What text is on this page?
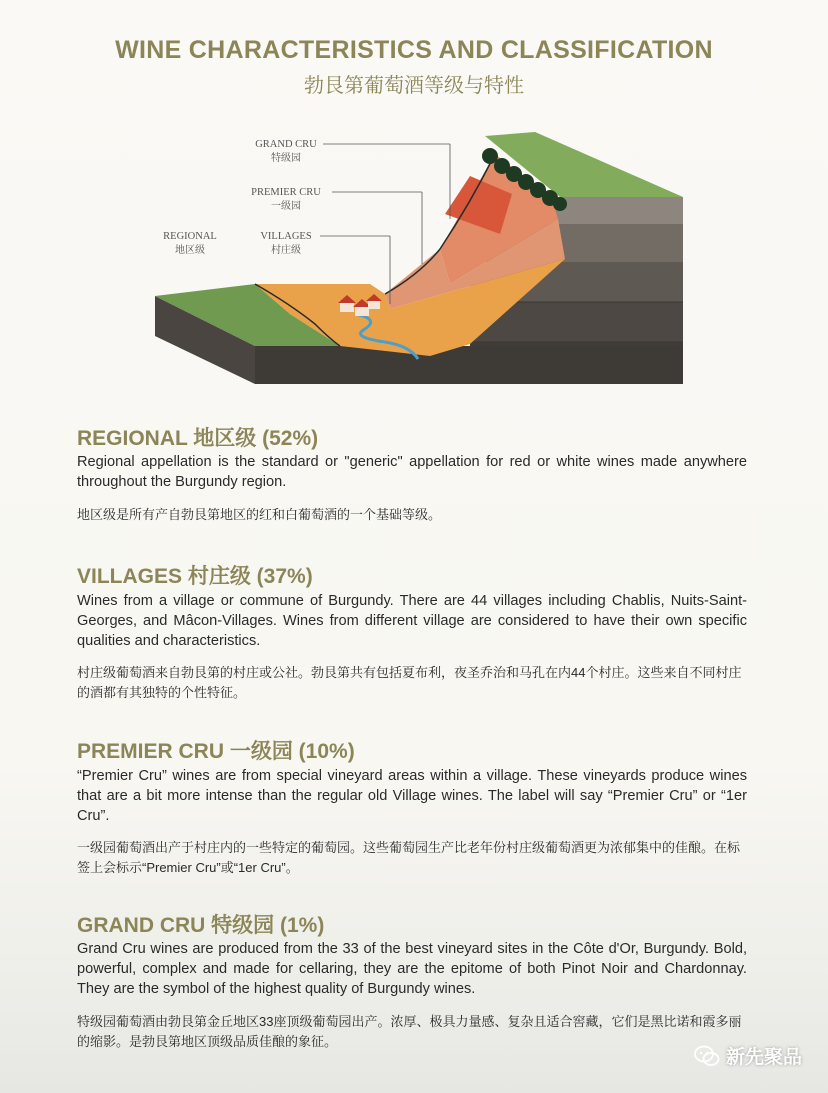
WINE CHARACTERISTICS AND CLASSIFICATION
勃艮第葡萄酒等级与特性
GRAND CRU
特级园
PREMIER CRU
一级园
VILLAGES
村庄级
REGIONAL
地区级
REGIONAL 地区级 (52%)
Regional appellation is the standard or "generic" appellation for red or white wines made anywhere throughout the Burgundy region.
地区级是所有产自勃艮第地区的红和白葡萄酒的一个基础等级。
VILLAGES 村庄级 (37%)
Wines from a village or commune of Burgundy. There are 44 villages including Chablis, Nuits-Saint-Georges, and Mâcon-Villages. Wines from different village are considered to have their own specific qualities and characteristics.
村庄级葡萄酒来自勃艮第的村庄或公社。勃艮第共有包括夏布利，夜圣乔治和马孔在内44个村庄。这些来自不同村庄的酒都有其独特的个性特征。
PREMIER CRU 一级园 (10%)
“Premier Cru” wines are from special vineyard areas within a village. These vineyards produce wines that are a bit more intense than the regular old Village wines. The label will say “Premier Cru” or “1er Cru”.
一级园葡萄酒出产于村庄内的一些特定的葡萄园。这些葡萄园生产比老年份村庄级葡萄酒更为浓郁集中的佳酿。在标签上会标示“Premier Cru”或“1er Cru”。
GRAND CRU 特级园 (1%)
Grand Cru wines are produced from the 33 of the best vineyard sites in the Côte d'Or, Burgundy. Bold, powerful, complex and made for cellaring, they are the epitome of both Pinot Noir and Chardonnay. They are the symbol of the highest quality of Burgundy wines.
特级园葡萄酒由勃艮第金丘地区33座顶级葡萄园出产。浓厚、极具力量感、复杂且适合窖藏，它们是黑比诺和霞多丽的缩影。是勃艮第地区顶级品质佳酿的象征。
新先聚品
